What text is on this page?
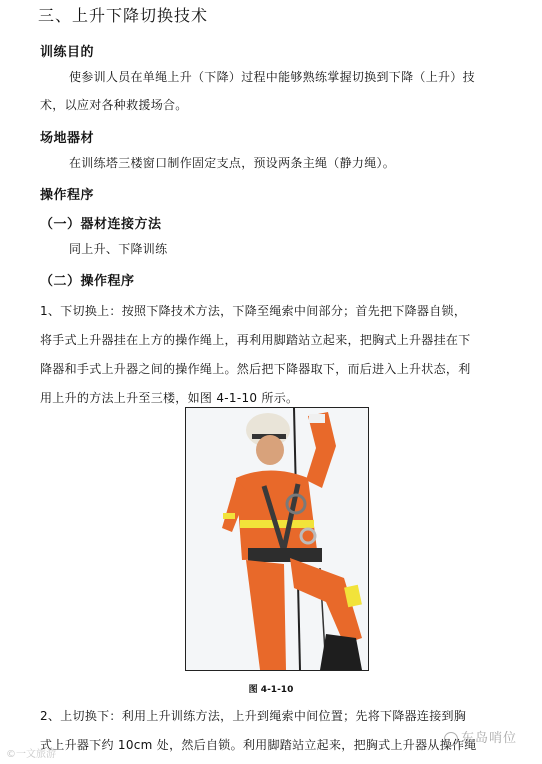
三、上升下降切换技术
训练目的
使参训人员在单绳上升（下降）过程中能够熟练掌握切换到下降（上升）技
术，以应对各种救援场合。
场地器材
在训练塔三楼窗口制作固定支点，预设两条主绳（静力绳）。
操作程序
（一）器材连接方法
同上升、下降训练
（二）操作程序
1、下切换上：按照下降技术方法，下降至绳索中间部分；首先把下降器自锁，
将手式上升器挂在上方的操作绳上，再利用脚踏站立起来，把胸式上升器挂在下
降器和手式上升器之间的操作绳上。然后把下降器取下，而后进入上升状态，利
用上升的方法上升至三楼，如图 4-1-10 所示。
图 4-1-10
2、上切换下：利用上升训练方法，上升到绳索中间位置；先将下降器连接到胸
式上升器下约 10cm 处，然后自锁。利用脚踏站立起来，把胸式上升器从操作绳
©一文旅游
东岛哨位
